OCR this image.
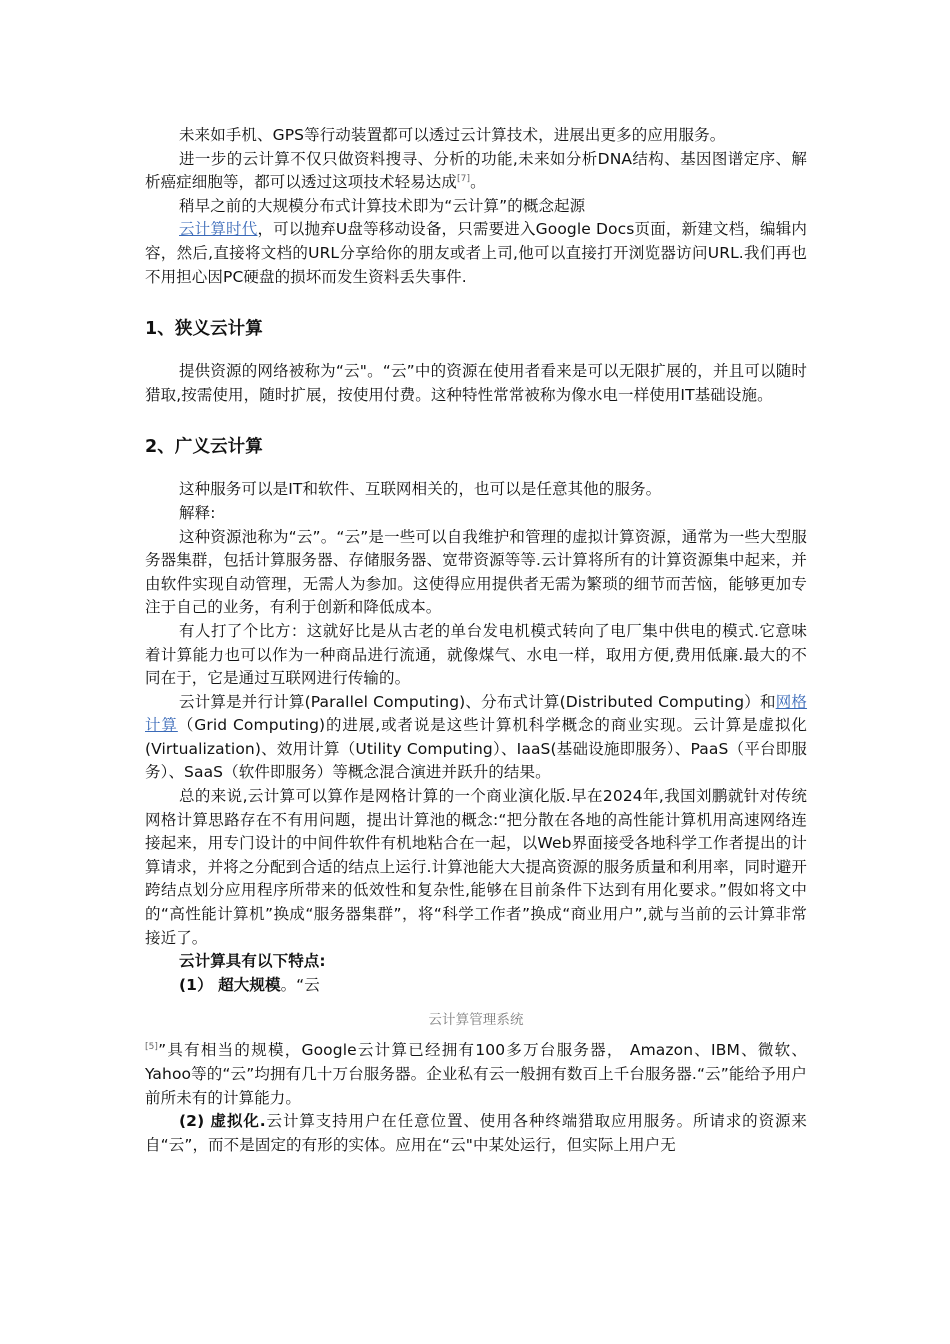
未来如手机、GPS等行动装置都可以透过云计算技术，进展出更多的应用服务。

进一步的云计算不仅只做资料搜寻、分析的功能,未来如分析DNA结构、基因图谱定序、解析癌症细胞等，都可以透过这项技术轻易达成[7]。

稍早之前的大规模分布式计算技术即为“云计算”的概念起源

云计算时代，可以抛弃U盘等移动设备，只需要进入Google Docs页面，新建文档，编辑内容，然后,直接将文档的URL分享给你的朋友或者上司,他可以直接打开浏览器访问URL.我们再也不用担心因PC硬盘的损坏而发生资料丢失事件.

1、狭义云计算

提供资源的网络被称为“云"。“云”中的资源在使用者看来是可以无限扩展的，并且可以随时猎取,按需使用，随时扩展，按使用付费。这种特性常常被称为像水电一样使用IT基础设施。

2、广义云计算

这种服务可以是IT和软件、互联网相关的，也可以是任意其他的服务。

解释:

这种资源池称为“云”。“云”是一些可以自我维护和管理的虚拟计算资源，通常为一些大型服务器集群，包括计算服务器、存储服务器、宽带资源等等.云计算将所有的计算资源集中起来，并由软件实现自动管理，无需人为参加。这使得应用提供者无需为繁琐的细节而苦恼，能够更加专注于自己的业务，有利于创新和降低成本。

有人打了个比方：这就好比是从古老的单台发电机模式转向了电厂集中供电的模式.它意味着计算能力也可以作为一种商品进行流通，就像煤气、水电一样，取用方便,费用低廉.最大的不同在于，它是通过互联网进行传输的。

云计算是并行计算(Parallel Computing)、分布式计算(Distributed Computing）和网格计算（Grid Computing)的进展,或者说是这些计算机科学概念的商业实现。云计算是虚拟化(Virtualization)、效用计算（Utility Computing）、IaaS(基础设施即服务）、PaaS（平台即服务）、SaaS（软件即服务）等概念混合演进并跃升的结果。

总的来说,云计算可以算作是网格计算的一个商业演化版.早在2024年,我国刘鹏就针对传统网格计算思路存在不有用问题，提出计算池的概念:“把分散在各地的高性能计算机用高速网络连接起来，用专门设计的中间件软件有机地粘合在一起，以Web界面接受各地科学工作者提出的计算请求，并将之分配到合适的结点上运行.计算池能大大提高资源的服务质量和利用率，同时避开跨结点划分应用程序所带来的低效性和复杂性,能够在目前条件下达到有用化要求。”假如将文中的“高性能计算机”换成“服务器集群”，将“科学工作者”换成“商业用户”,就与当前的云计算非常接近了。

云计算具有以下特点:

(1） 超大规模。“云

云计算管理系统

[5]”具有相当的规模，Google云计算已经拥有100多万台服务器， Amazon、IBM、微软、Yahoo等的“云”均拥有几十万台服务器。企业私有云一般拥有数百上千台服务器.“云”能给予用户前所未有的计算能力。

(2) 虚拟化.云计算支持用户在任意位置、使用各种终端猎取应用服务。所请求的资源来自“云”，而不是固定的有形的实体。应用在“云"中某处运行，但实际上用户无
